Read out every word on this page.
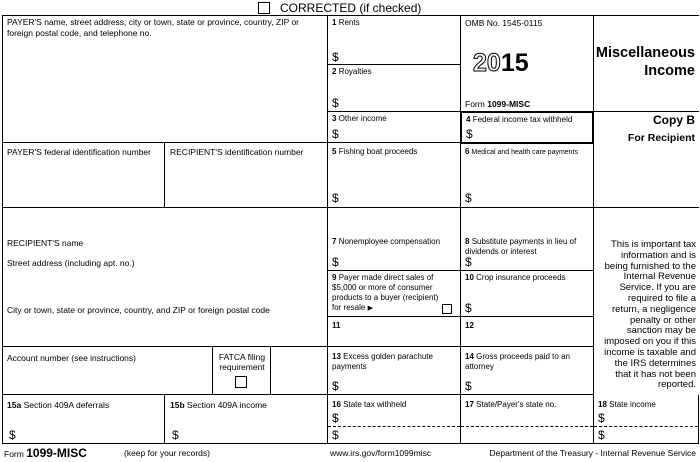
CORRECTED (if checked)
PAYER'S name, street address, city or town, state or province, country, ZIP or foreign postal code, and telephone no.
1 Rents
$
OMB No. 1545-0115
2015
Form 1099-MISC
Miscellaneous
Income
2 Royalties
$
3 Other income
$
4 Federal income tax withheld
$
Copy B
For Recipient
PAYER'S federal identification number RECIPIENT'S identification number	5 Fishing boat proceeds
$
6 Medical and health care payments
$
RECIPIENT'S name
Street address (including apt. no.)
City or town, state or province, country, and ZIP or foreign postal code
7 Nonemployee compensation
$
8 Substitute payments in lieu of dividends or interest
$
This is important tax information and is being furnished to the Internal Revenue Service. If you are required to file a return, a negligence penalty or other sanction may be imposed on you if this income is taxable and the IRS determines that it has not been reported.
9 Payer made direct sales of $5,000 or more of consumer products to a buyer (recipient) for resale ▶
10 Crop insurance proceeds
$
11	12
Account number (see instructions)	FATCA filing requirement
13 Excess golden parachute payments
$
14 Gross proceeds paid to an attorney
$
15a Section 409A deferrals
$
15b Section 409A income
$
16 State tax withheld
$
$
17 State/Payer's state no.	18 State income
$
$
Form 1099-MISC	(keep for your records)	www.irs.gov/form1099misc	Department of the Treasury - Internal Revenue Service
